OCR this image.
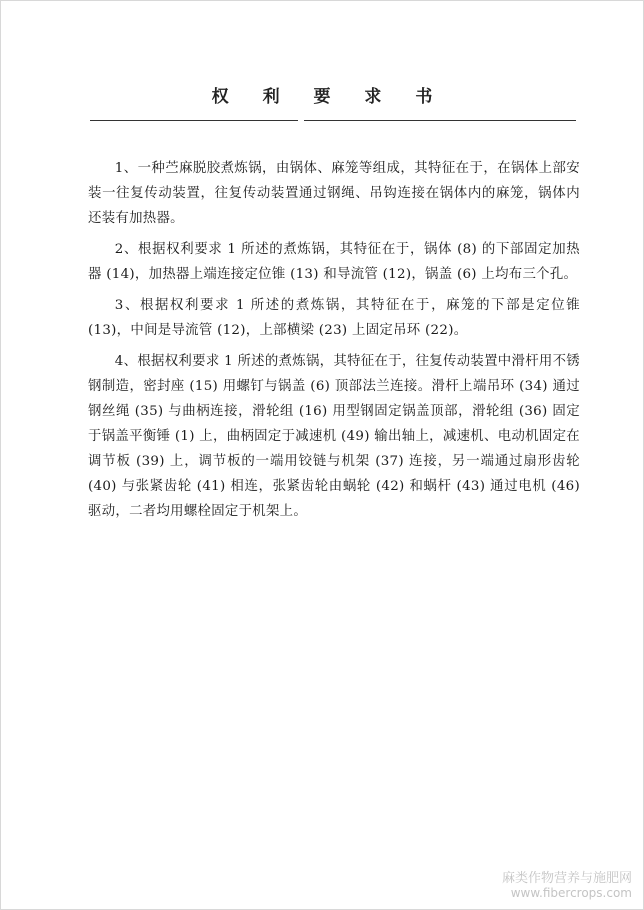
权 利 要 求 书

1、一种苎麻脱胶煮炼锅，由锅体、麻笼等组成，其特征在于，在锅体上部安装一往复传动装置，往复传动装置通过钢绳、吊钩连接在锅体内的麻笼，锅体内还装有加热器。

2、根据权利要求 1 所述的煮炼锅，其特征在于，锅体 (8) 的下部固定加热器 (14)，加热器上端连接定位锥 (13) 和导流管 (12)，锅盖 (6) 上均布三个孔。

3、根据权利要求 1 所述的煮炼锅，其特征在于，麻笼的下部是定位锥 (13)，中间是导流管 (12)，上部横梁 (23) 上固定吊环 (22)。

4、根据权利要求 1 所述的煮炼锅，其特征在于，往复传动装置中滑杆用不锈钢制造，密封座 (15) 用螺钉与锅盖 (6) 顶部法兰连接。滑杆上端吊环 (34) 通过钢丝绳 (35) 与曲柄连接，滑轮组 (16) 用型钢固定锅盖顶部，滑轮组 (36) 固定于锅盖平衡锤 (1) 上，曲柄固定于减速机 (49) 输出轴上，减速机、电动机固定在调节板 (39) 上，调节板的一端用铰链与机架 (37) 连接，另一端通过扇形齿轮 (40) 与张紧齿轮 (41) 相连，张紧齿轮由蜗轮 (42) 和蜗杆 (43) 通过电机 (46) 驱动，二者均用螺栓固定于机架上。

麻类作物营养与施肥网
www.fibercrops.com
